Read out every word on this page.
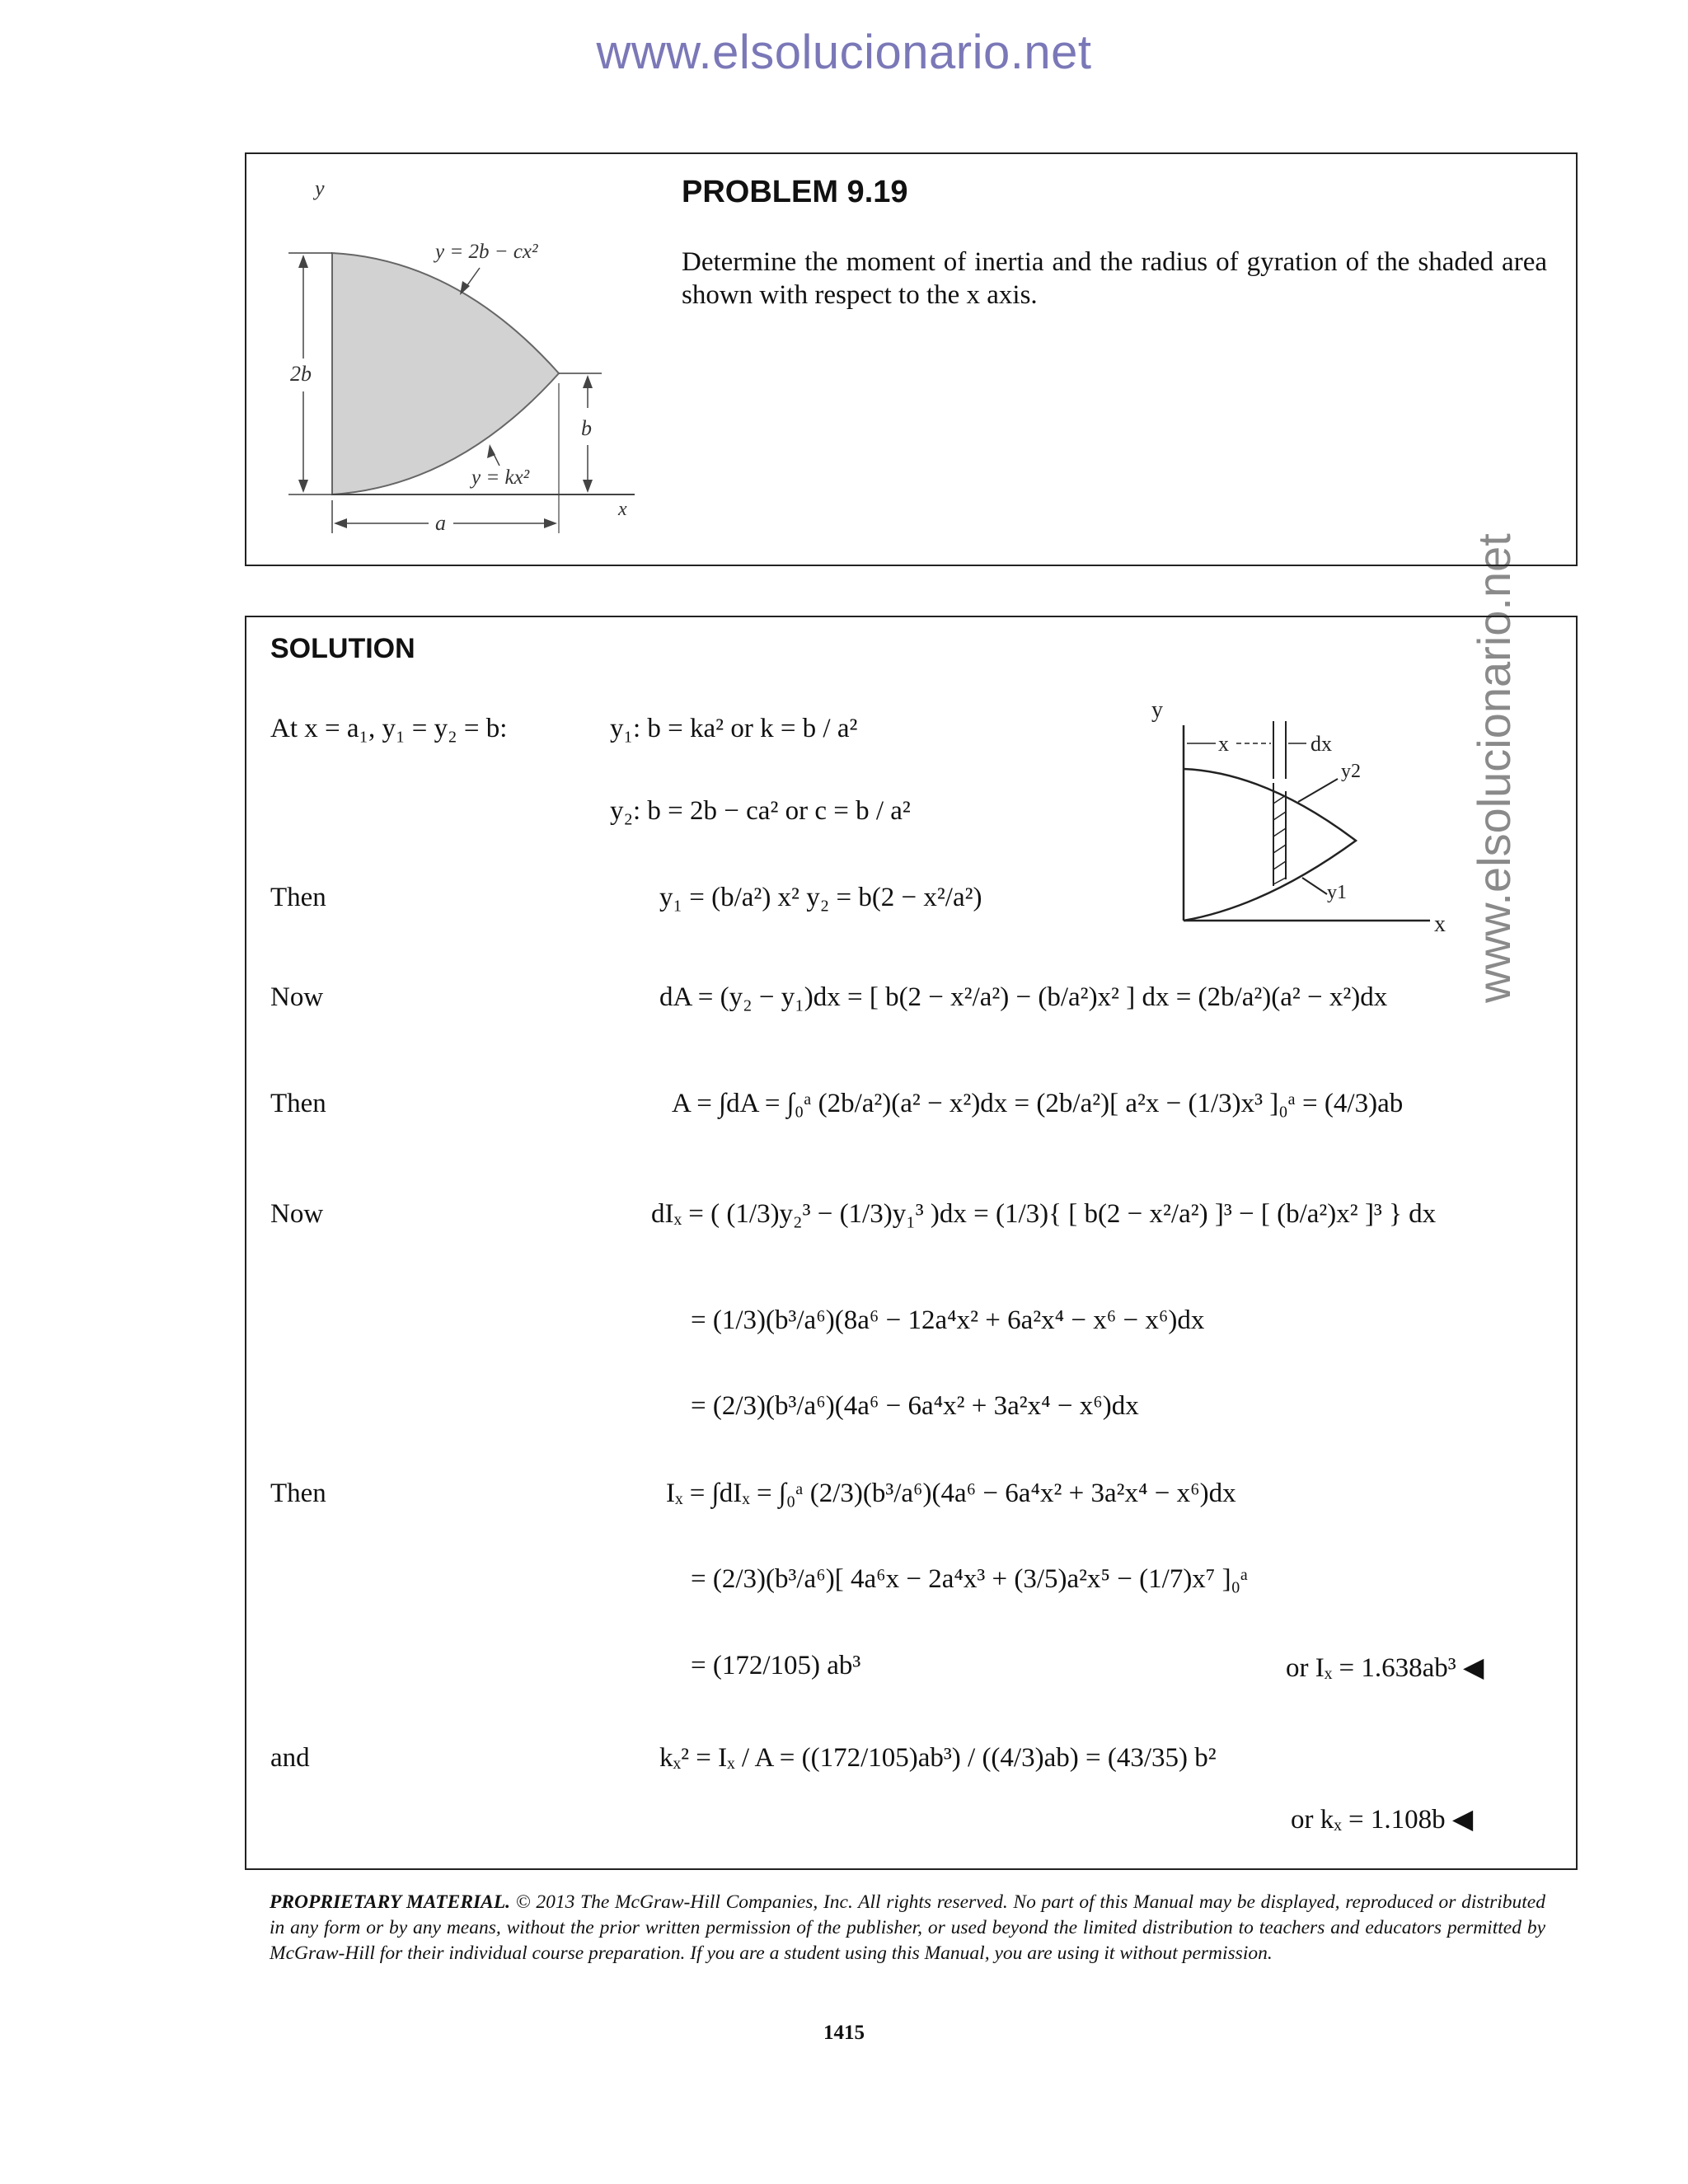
www.elsolucionario.net
www.elsolucionario.net
y
x
2b
b
a
y = 2b − cx²
y = kx²
PROBLEM 9.19
Determine the moment of inertia and the radius of gyration of the shaded area shown with respect to the x axis.
SOLUTION
y
x
x	dx
y2
y1
At x = a₁, y₁ = y₂ = b:
Then
Now
Then
Now
Then
and
y₁: b = ka² or k = b / a²
y₂: b = 2b − ca² or c = b / a²
y₁ = (b/a²) x² y₂ = b(2 − x²/a²)
dA = (y₂ − y₁)dx = [ b(2 − x²/a²) − (b/a²)x² ] dx = (2b/a²)(a² − x²)dx
A = ∫dA = ∫₀ᵃ (2b/a²)(a² − x²)dx = (2b/a²)[ a²x − (1/3)x³ ]₀ᵃ = (4/3)ab
dIₓ = ( (1/3)y₂³ − (1/3)y₁³ )dx = (1/3){ [ b(2 − x²/a²) ]³ − [ (b/a²)x² ]³ } dx
= (1/3)(b³/a⁶)(8a⁶ − 12a⁴x² + 6a²x⁴ − x⁶ − x⁶)dx
= (2/3)(b³/a⁶)(4a⁶ − 6a⁴x² + 3a²x⁴ − x⁶)dx
Iₓ = ∫dIₓ = ∫₀ᵃ (2/3)(b³/a⁶)(4a⁶ − 6a⁴x² + 3a²x⁴ − x⁶)dx
= (2/3)(b³/a⁶)[ 4a⁶x − 2a⁴x³ + (3/5)a²x⁵ − (1/7)x⁷ ]₀ᵃ
= (172/105) ab³
kₓ² = Iₓ / A = ((172/105)ab³) / ((4/3)ab) = (43/35) b²
or Iₓ = 1.638ab³ ◀
or kₓ = 1.108b ◀
PROPRIETARY MATERIAL. © 2013 The McGraw-Hill Companies, Inc. All rights reserved. No part of this Manual may be displayed, reproduced or distributed in any form or by any means, without the prior written permission of the publisher, or used beyond the limited distribution to teachers and educators permitted by McGraw-Hill for their individual course preparation. If you are a student using this Manual, you are using it without permission.
1415
